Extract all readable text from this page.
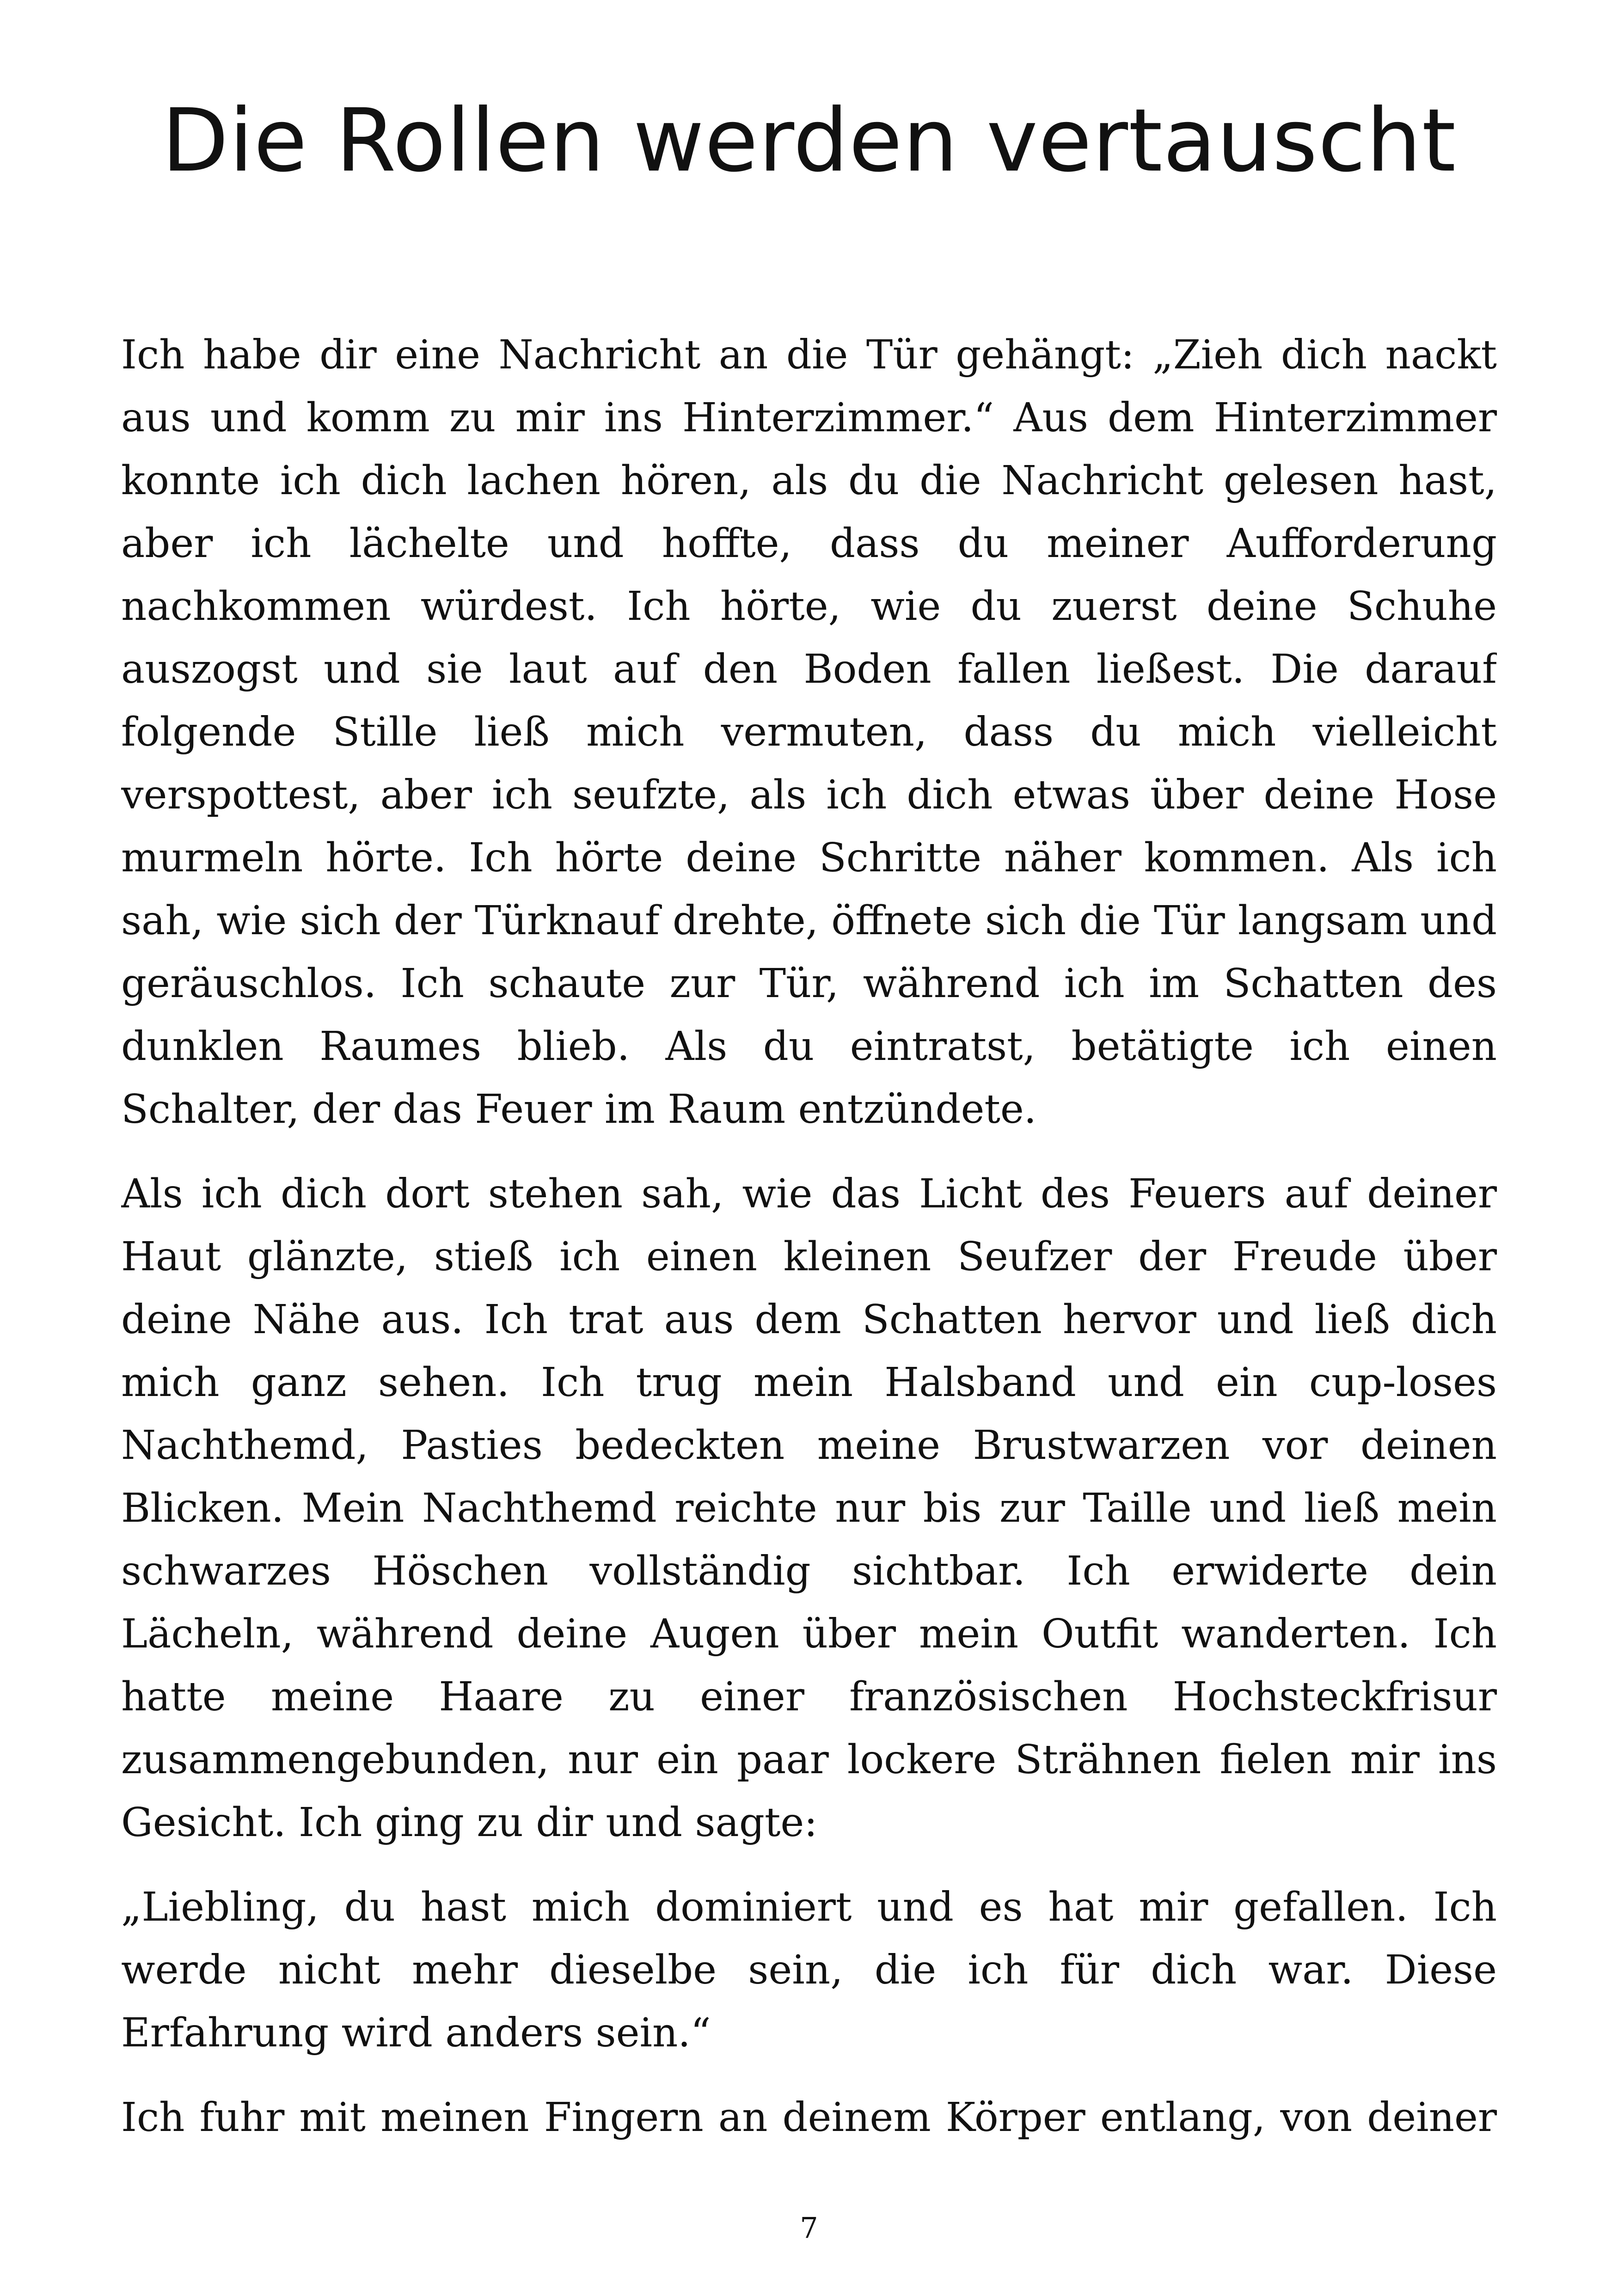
Die Rollen werden vertauscht

Ich habe dir eine Nachricht an die Tür gehängt: „Zieh dich nackt aus und komm zu mir ins Hinterzimmer.“ Aus dem Hinterzimmer konnte ich dich lachen hören, als du die Nachricht gelesen hast, aber ich lächelte und hoffte, dass du meiner Aufforderung nachkommen würdest. Ich hörte, wie du zuerst deine Schuhe auszogst und sie laut auf den Boden fallen ließest. Die darauf folgende Stille ließ mich vermuten, dass du mich vielleicht verspottest, aber ich seufzte, als ich dich etwas über deine Hose murmeln hörte. Ich hörte deine Schritte näher kommen. Als ich sah, wie sich der Türknauf drehte, öffnete sich die Tür langsam und geräuschlos. Ich schaute zur Tür, während ich im Schatten des dunklen Raumes blieb. Als du eintratst, betätigte ich einen Schalter, der das Feuer im Raum entzündete.

Als ich dich dort stehen sah, wie das Licht des Feuers auf deiner Haut glänzte, stieß ich einen kleinen Seufzer der Freude über deine Nähe aus. Ich trat aus dem Schatten hervor und ließ dich mich ganz sehen. Ich trug mein Halsband und ein cup-loses Nachthemd, Pasties bedeckten meine Brustwarzen vor deinen Blicken. Mein Nachthemd reichte nur bis zur Taille und ließ mein schwarzes Höschen vollständig sichtbar. Ich erwiderte dein Lächeln, während deine Augen über mein Outfit wanderten. Ich hatte meine Haare zu einer französischen Hochsteckfrisur zusammengebunden, nur ein paar lockere Strähnen fielen mir ins Gesicht. Ich ging zu dir und sagte:

„Liebling, du hast mich dominiert und es hat mir gefallen. Ich werde nicht mehr dieselbe sein, die ich für dich war. Diese Erfahrung wird anders sein.“

Ich fuhr mit meinen Fingern an deinem Körper entlang, von deiner

7
